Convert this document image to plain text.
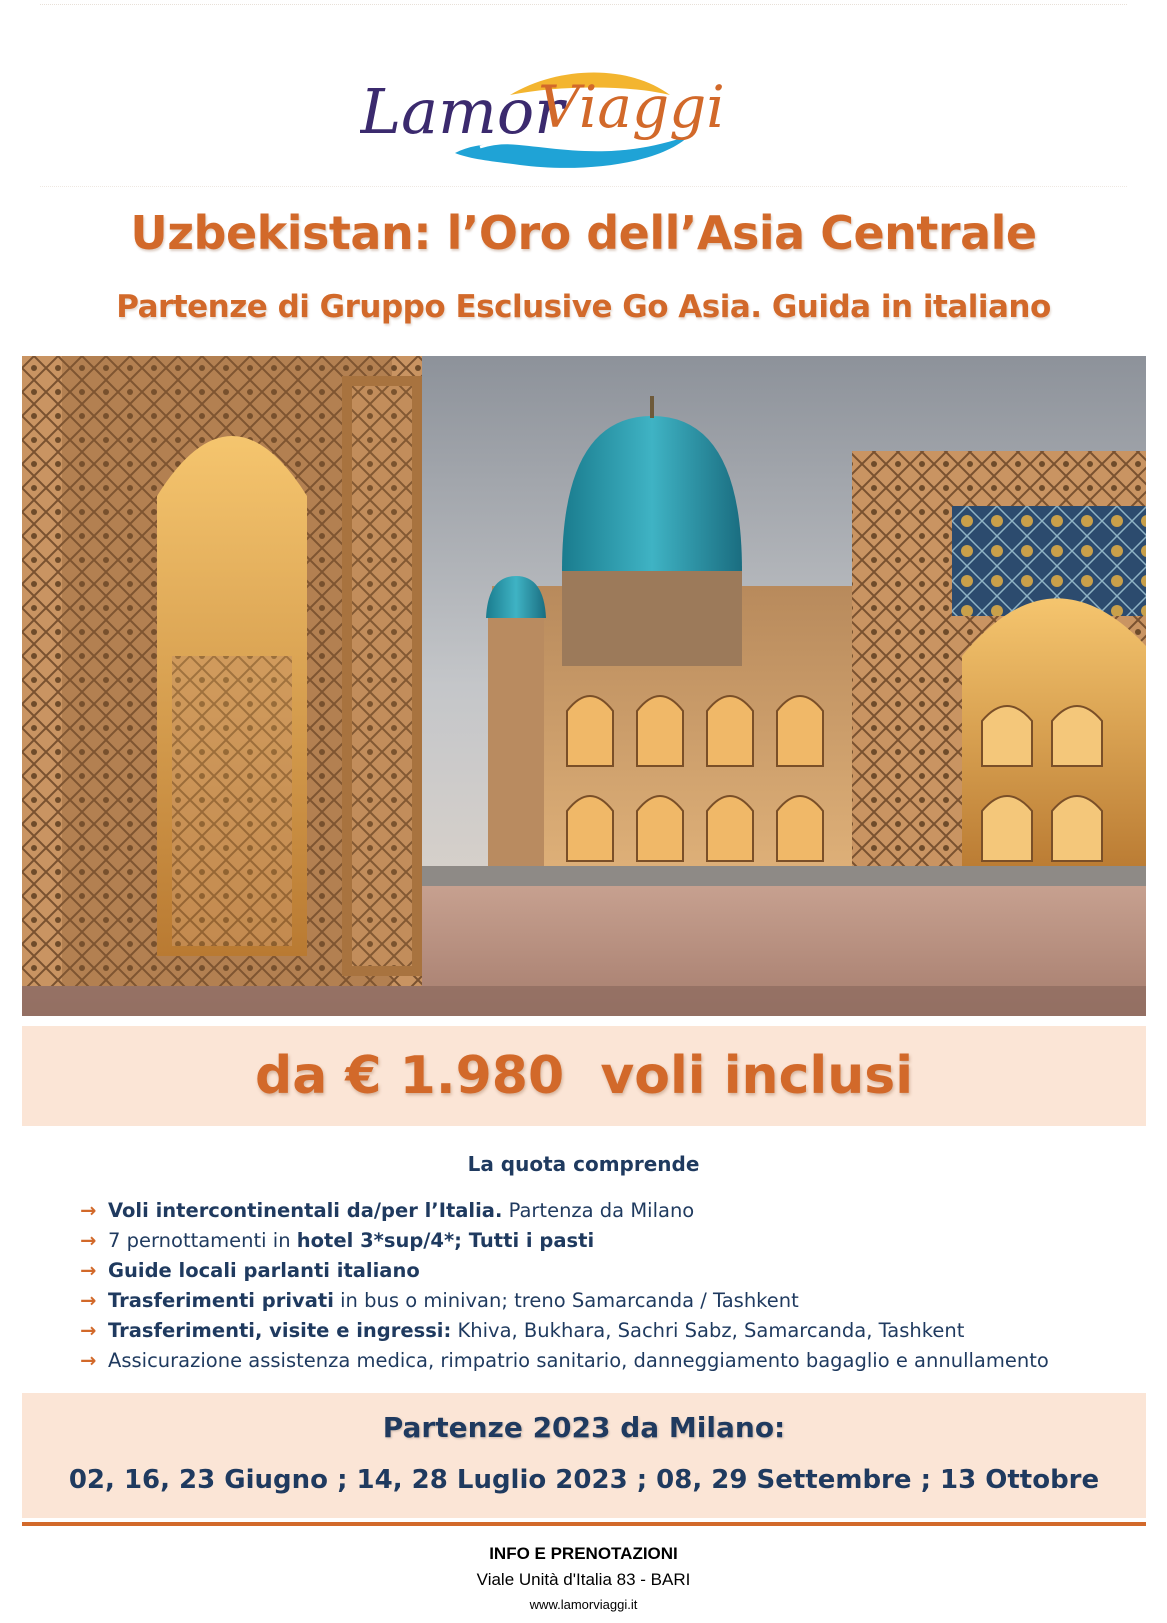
Lamor
Viaggi
Uzbekistan: l’Oro dell’Asia Centrale
Partenze di Gruppo Esclusive Go Asia. Guida in italiano
da € 1.980  voli inclusi
La quota comprende
→ Voli intercontinentali da/per l’Italia. Partenza da Milano
→ 7 pernottamenti in hotel 3*sup/4*; Tutti i pasti
→ Guide locali parlanti italiano
→ Trasferimenti privati in bus o minivan; treno Samarcanda / Tashkent
→ Trasferimenti, visite e ingressi: Khiva, Bukhara, Sachri Sabz, Samarcanda, Tashkent
→ Assicurazione assistenza medica, rimpatrio sanitario, danneggiamento bagaglio e annullamento
Partenze 2023 da Milano:
02, 16, 23 Giugno ; 14, 28 Luglio 2023 ; 08, 29 Settembre ; 13 Ottobre
INFO E PRENOTAZIONI
Viale Unità d'Italia 83 - BARI
www.lamorviaggi.it
